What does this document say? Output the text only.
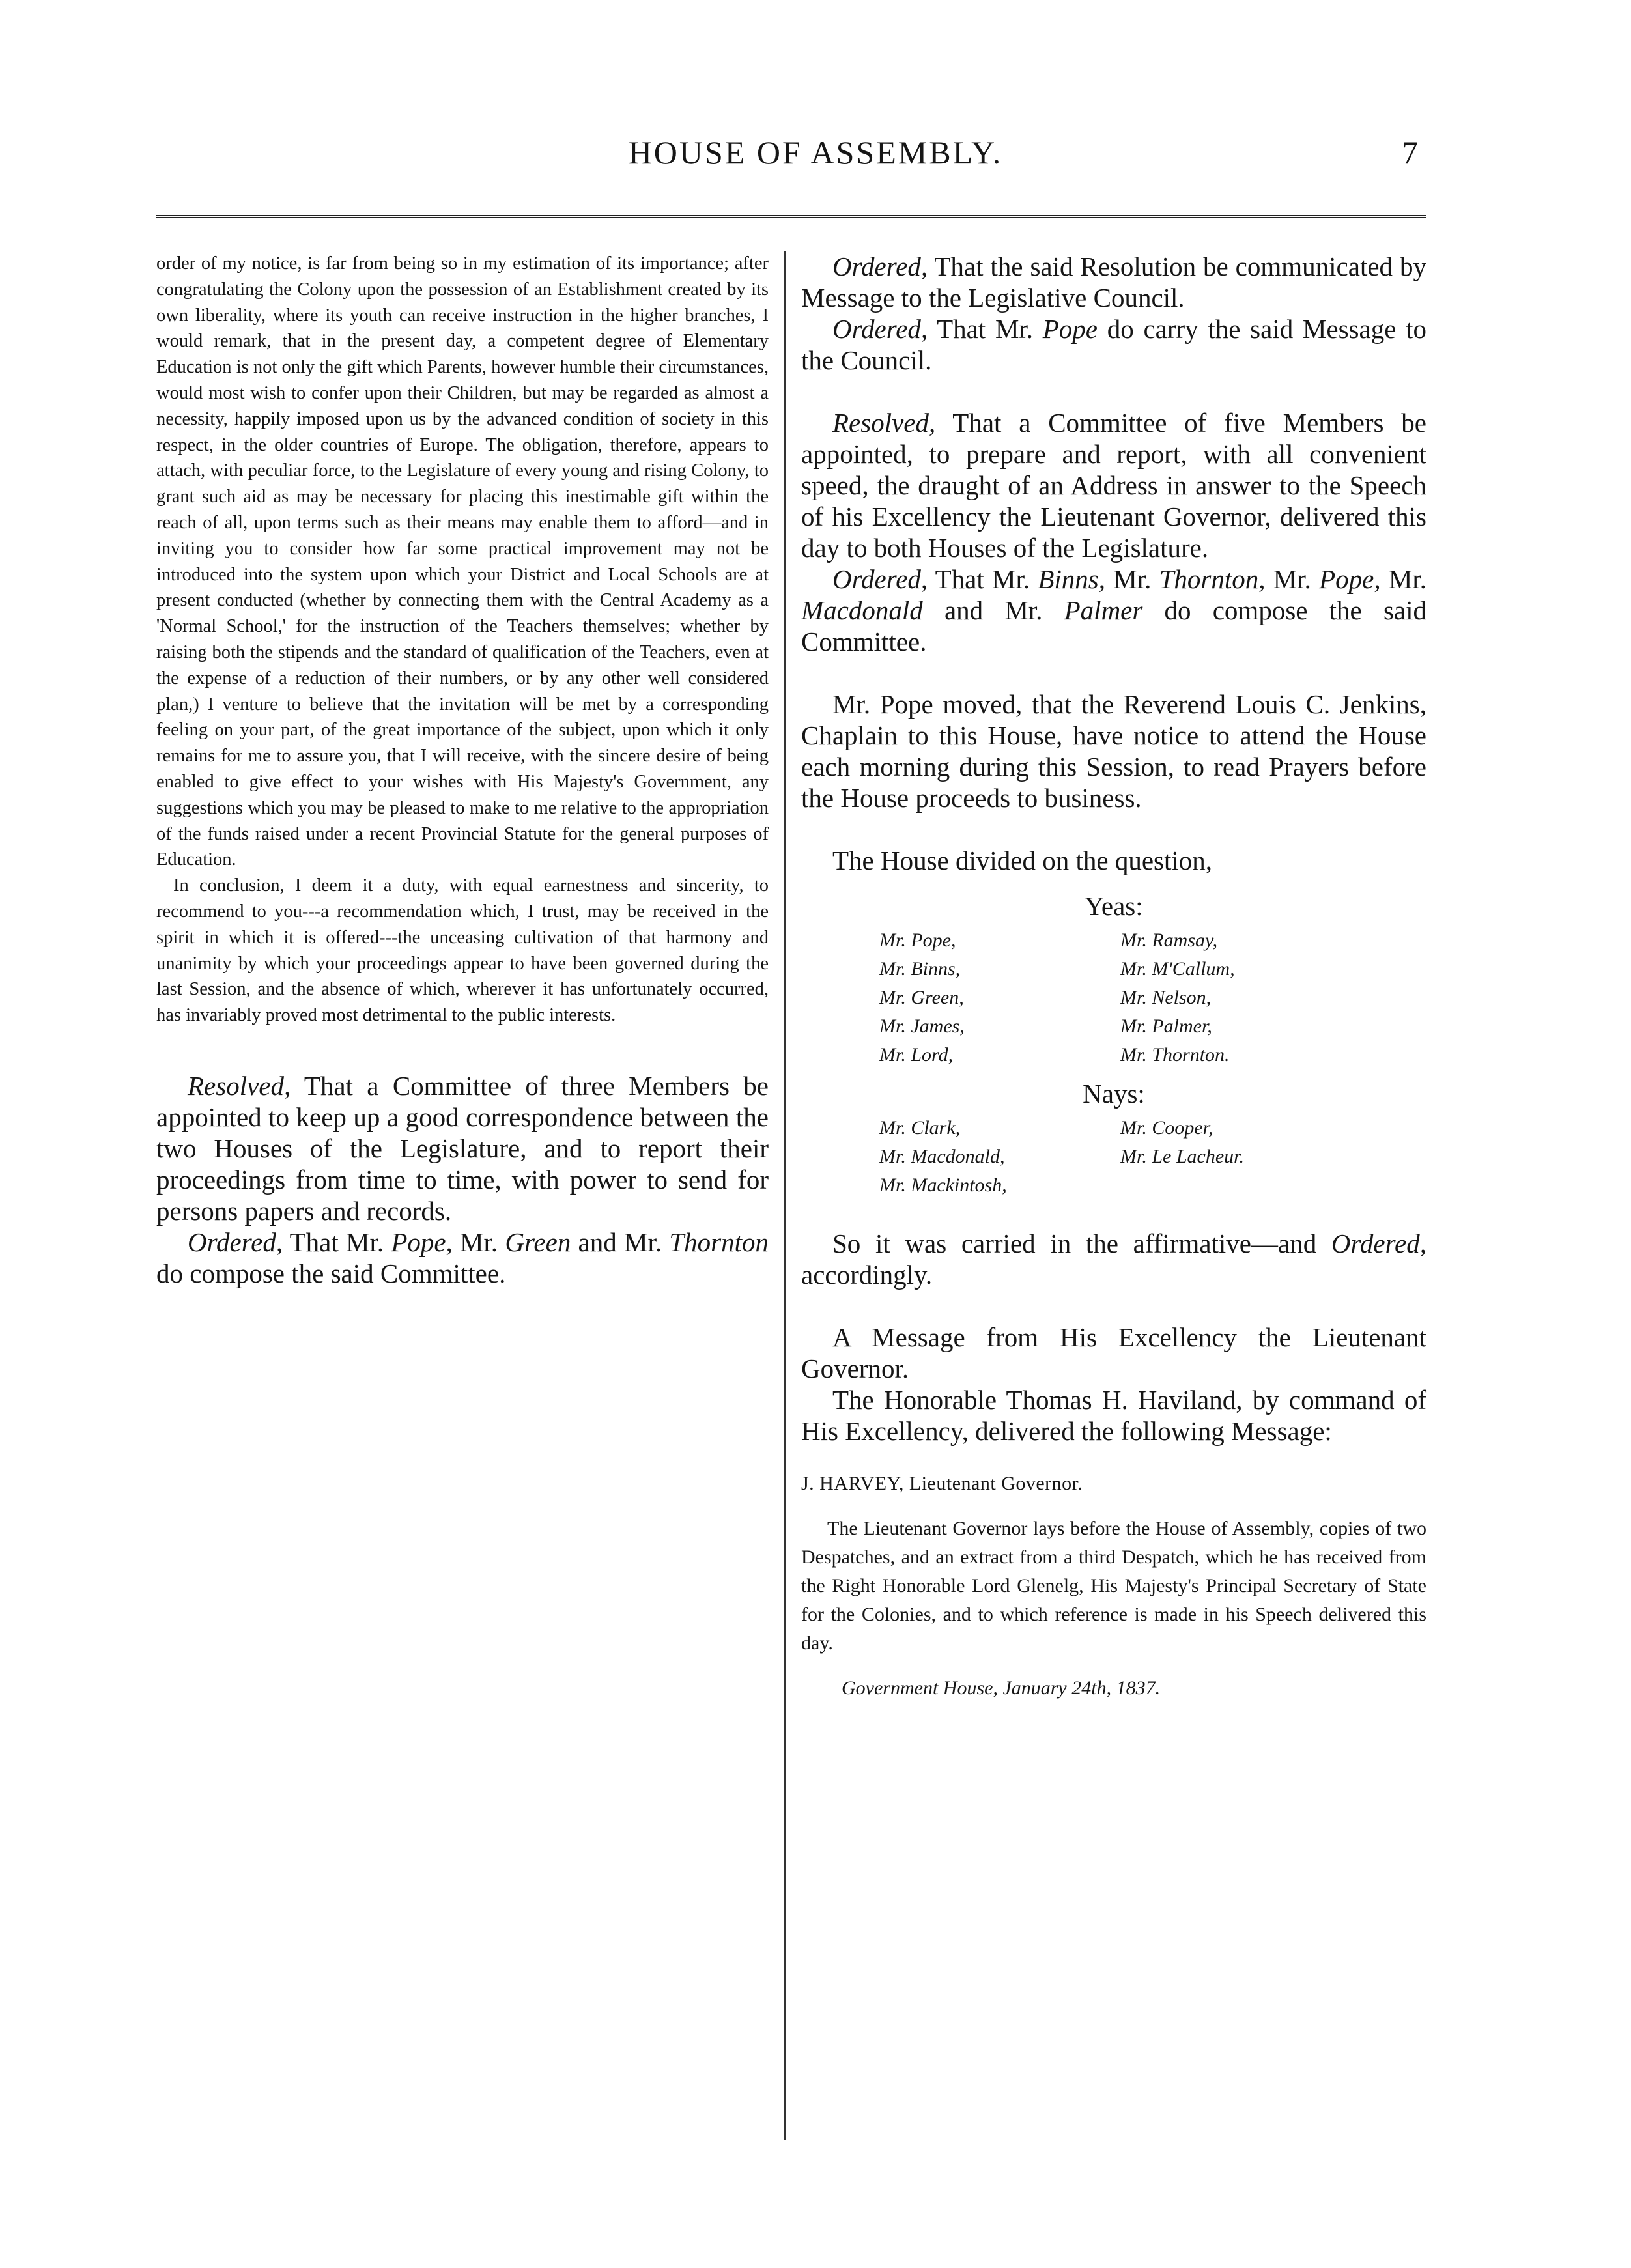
HOUSE OF ASSEMBLY.	7

order of my notice, is far from being so in my estimation of its importance; after congratulating the Colony upon the possession of an Establishment created by its own liberality, where its youth can receive instruction in the higher branches, I would remark, that in the present day, a competent degree of Elementary Education is not only the gift which Parents, however humble their circumstances, would most wish to confer upon their Children, but may be regarded as almost a necessity, happily imposed upon us by the advanced condition of society in this respect, in the older countries of Europe. The obligation, therefore, appears to attach, with peculiar force, to the Legislature of every young and rising Colony, to grant such aid as may be necessary for placing this inestimable gift within the reach of all, upon terms such as their means may enable them to afford—and in inviting you to consider how far some practical improvement may not be introduced into the system upon which your District and Local Schools are at present conducted (whether by connecting them with the Central Academy as a 'Normal School,' for the instruction of the Teachers themselves; whether by raising both the stipends and the standard of qualification of the Teachers, even at the expense of a reduction of their numbers, or by any other well considered plan,) I venture to believe that the invitation will be met by a corresponding feeling on your part, of the great importance of the subject, upon which it only remains for me to assure you, that I will receive, with the sincere desire of being enabled to give effect to your wishes with His Majesty's Government, any suggestions which you may be pleased to make to me relative to the appropriation of the funds raised under a recent Provincial Statute for the general purposes of Education.

In conclusion, I deem it a duty, with equal earnestness and sincerity, to recommend to you---a recommendation which, I trust, may be received in the spirit in which it is offered---the unceasing cultivation of that harmony and unanimity by which your proceedings appear to have been governed during the last Session, and the absence of which, wherever it has unfortunately occurred, has invariably proved most detrimental to the public interests.

Resolved, That a Committee of three Members be appointed to keep up a good correspondence between the two Houses of the Legislature, and to report their proceedings from time to time, with power to send for persons papers and records.

Ordered, That Mr. Pope, Mr. Green and Mr. Thornton do compose the said Committee.

Ordered, That the said Resolution be communicated by Message to the Legislative Council.

Ordered, That Mr. Pope do carry the said Message to the Council.

Resolved, That a Committee of five Members be appointed, to prepare and report, with all convenient speed, the draught of an Address in answer to the Speech of his Excellency the Lieutenant Governor, delivered this day to both Houses of the Legislature.

Ordered, That Mr. Binns, Mr. Thornton, Mr. Pope, Mr. Macdonald and Mr. Palmer do compose the said Committee.

Mr. Pope moved, that the Reverend Louis C. Jenkins, Chaplain to this House, have notice to attend the House each morning during this Session, to read Prayers before the House proceeds to business.

The House divided on the question,

Yeas:

Mr. Pope,	Mr. Ramsay,
Mr. Binns,	Mr. M'Callum,
Mr. Green,	Mr. Nelson,
Mr. James,	Mr. Palmer,
Mr. Lord,	Mr. Thornton.

Nays:

Mr. Clark,	Mr. Cooper,
Mr. Macdonald,	Mr. Le Lacheur.
Mr. Mackintosh,

So it was carried in the affirmative—and Ordered, accordingly.

A Message from His Excellency the Lieutenant Governor.

The Honorable Thomas H. Haviland, by command of His Excellency, delivered the following Message:

J. HARVEY, Lieutenant Governor.

The Lieutenant Governor lays before the House of Assembly, copies of two Despatches, and an extract from a third Despatch, which he has received from the Right Honorable Lord Glenelg, His Majesty's Principal Secretary of State for the Colonies, and to which reference is made in his Speech delivered this day.

Government House, January 24th, 1837.
